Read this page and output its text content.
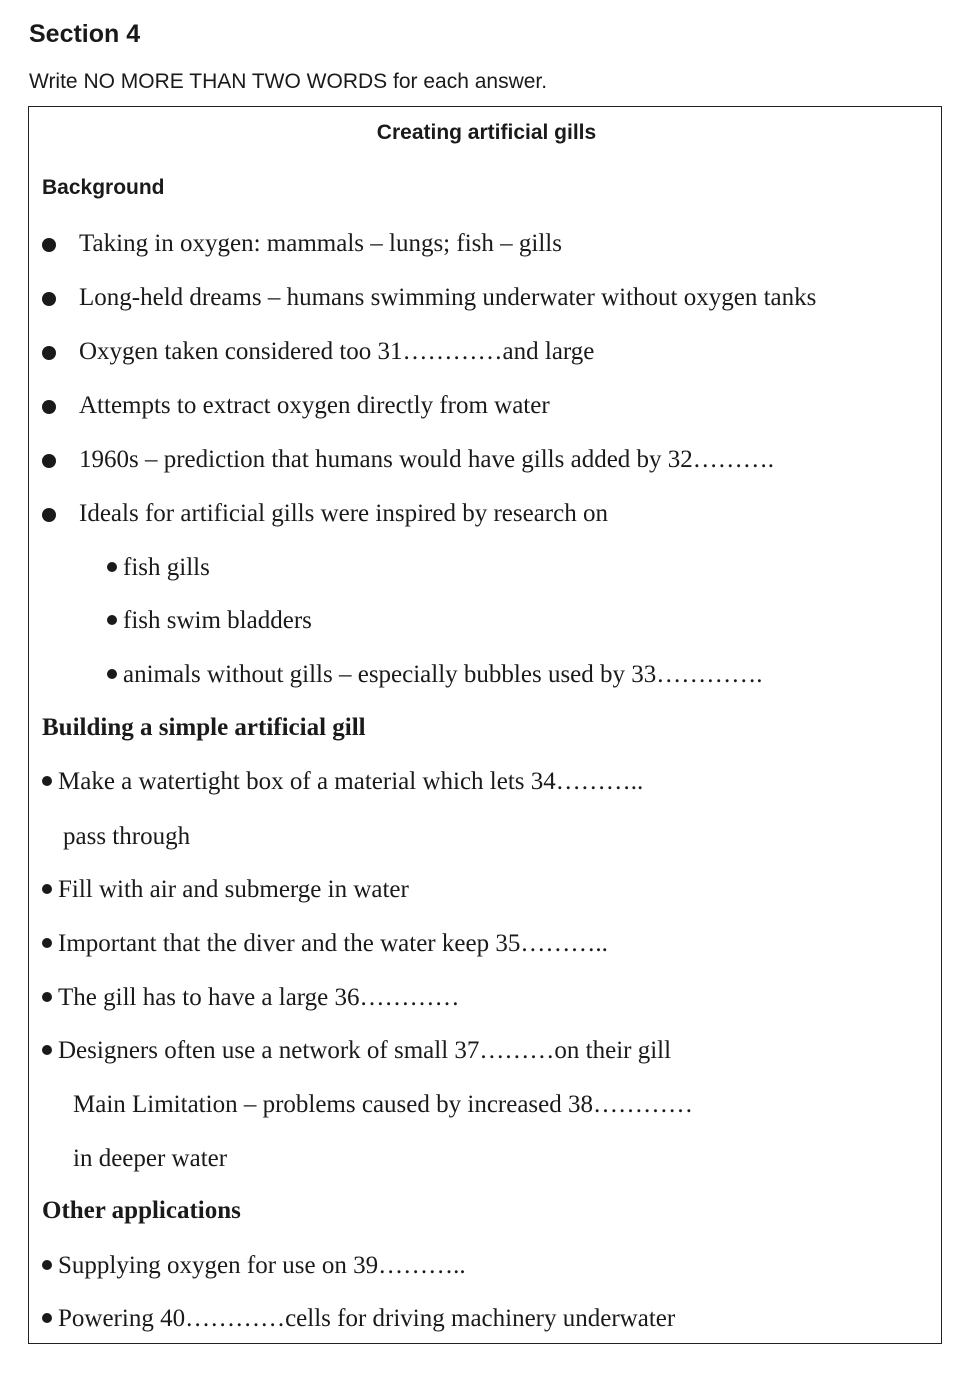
Section 4

Write NO MORE THAN TWO WORDS for each answer.

Creating artificial gills
Background
Taking in oxygen: mammals – lungs; fish – gills
Long-held dreams – humans swimming underwater without oxygen tanks
Oxygen taken considered too 31…………and large
Attempts to extract oxygen directly from water
1960s – prediction that humans would have gills added by 32……….
Ideals for artificial gills were inspired by research on
fish gills
fish swim bladders
animals without gills – especially bubbles used by 33………….
Building a simple artificial gill
Make a watertight box of a material which lets 34………..
pass through
Fill with air and submerge in water
Important that the diver and the water keep 35………..
The gill has to have a large 36…………
Designers often use a network of small 37………on their gill
Main Limitation – problems caused by increased 38…………
in deeper water
Other applications
Supplying oxygen for use on 39………..
Powering 40…………cells for driving machinery underwater
